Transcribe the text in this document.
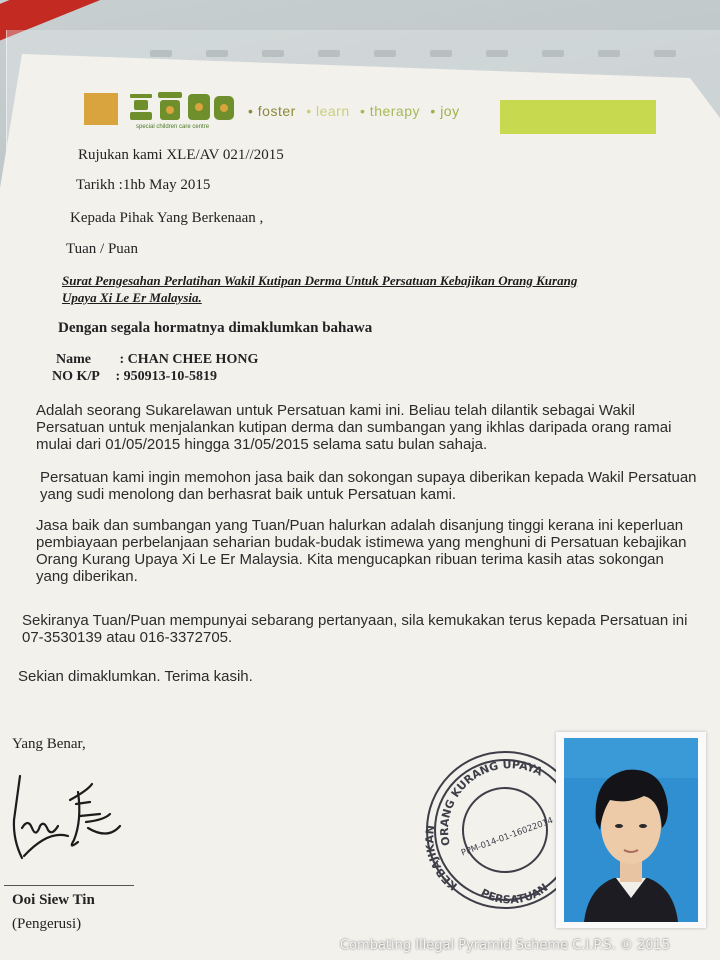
special children care centre
• foster • learn • therapy • joy
Rujukan kami XLE/AV 021//2015
Tarikh :1hb May 2015
Kepada Pihak Yang Berkenaan ,
Tuan / Puan
Surat Pengesahan Perlatihan Wakil Kutipan Derma Untuk Persatuan Kebajikan Orang Kurang
Upaya Xi Le Er Malaysia.
Dengan segala hormatnya dimaklumkan bahawa
Name : CHAN CHEE HONG
NO K/P : 950913-10-5819
Adalah seorang Sukarelawan untuk Persatuan kami ini. Beliau telah dilantik sebagai Wakil
Persatuan untuk menjalankan kutipan derma dan sumbangan yang ikhlas daripada orang ramai
mulai dari 01/05/2015 hingga 31/05/2015 selama satu bulan sahaja.
Persatuan kami ingin memohon jasa baik dan sokongan supaya diberikan kepada Wakil Persatuan
yang sudi menolong dan berhasrat baik untuk Persatuan kami.
Jasa baik dan sumbangan yang Tuan/Puan halurkan adalah disanjung tinggi kerana ini keperluan
pembiayaan perbelanjaan seharian budak-budak istimewa yang menghuni di Persatuan kebajikan
Orang Kurang Upaya Xi Le Er Malaysia. Kita mengucapkan ribuan terima kasih atas sokongan
yang diberikan.
Sekiranya Tuan/Puan mempunyai sebarang pertanyaan, sila kemukakan terus kepada Persatuan ini
07-3530139 atau 016-3372705.
Sekian dimaklumkan. Terima kasih.
Yang Benar,
Ooi Siew Tin
(Pengerusi)
ORANG KURANG UPAYA
KEBAJIKAN
PERSATUAN
PPM-014-01-16022014
Combating Illegal Pyramid Scheme C.I.P.S. © 2015
